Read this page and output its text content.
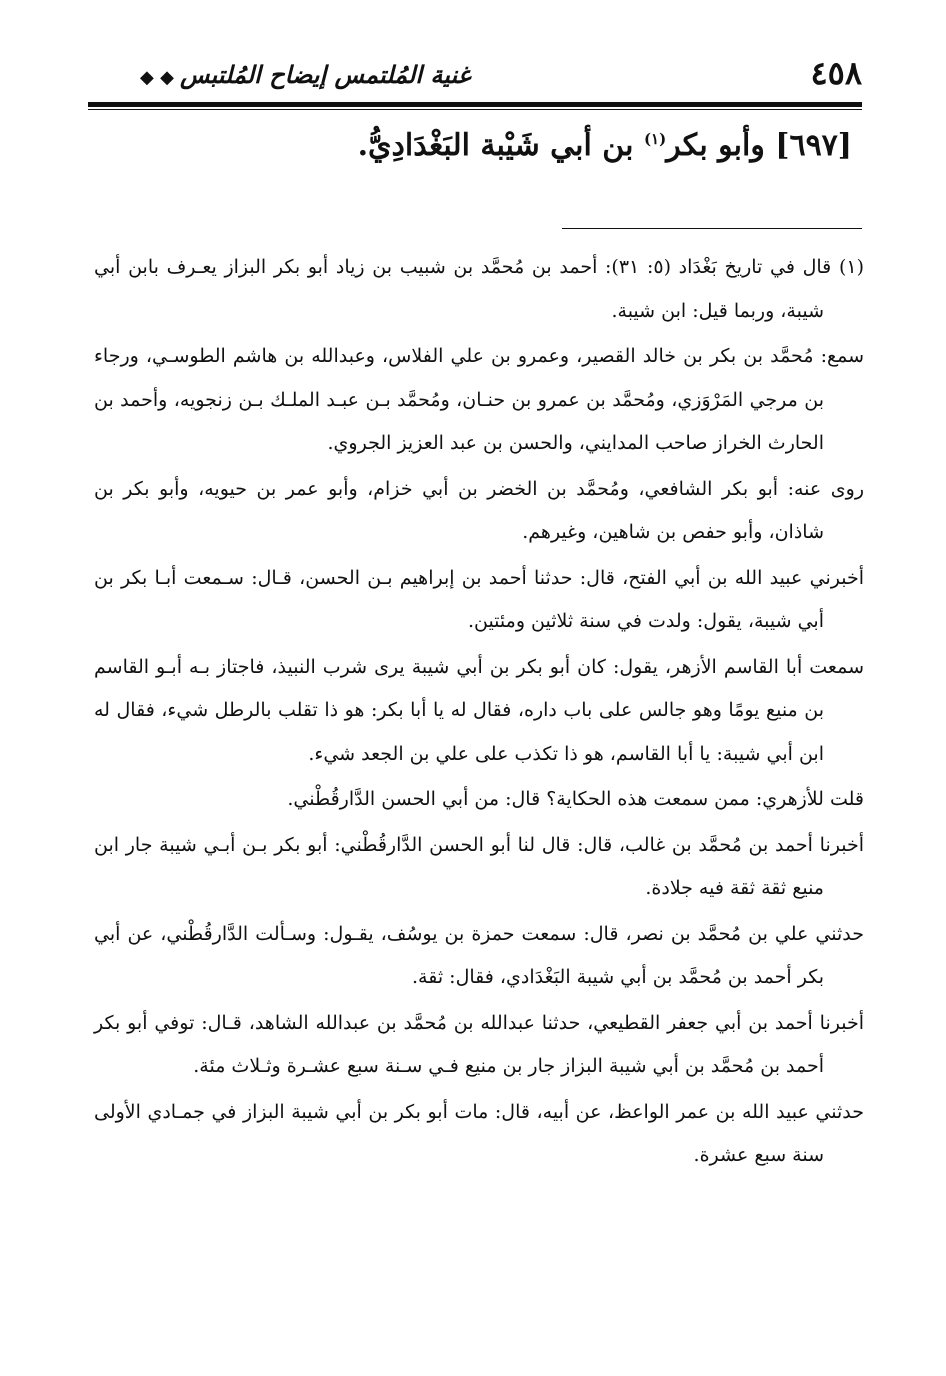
٤٥٨
غنية المُلتمس إيضاح المُلتبس◆ ◆
[٦٩٧] وأبو بكر$^{(١)}$ بن أبي شَيْبة البَغْدَادِيُّ.

(١) قال في تاريخ بَغْدَاد (٥: ٣١): أحمد بن مُحمَّد بن شبيب بن زياد أبو بكر البزاز يعـرف بابن أبي شيبة، وربما قيل: ابن شيبة.

سمع: مُحمَّد بن بكر بن خالد القصير، وعمرو بن علي الفلاس، وعبدالله بن هاشم الطوسـي، ورجاء بن مرجي المَرْوَزي، ومُحمَّد بن عمرو بن حنـان، ومُحمَّد بـن عبـد الملـك بـن زنجويه، وأحمد بن الحارث الخراز صاحب المدايني، والحسن بن عبد العزيز الجروي.

روى عنه: أبو بكر الشافعي، ومُحمَّد بن الخضر بن أبي خزام، وأبو عمر بن حيويه، وأبو بكر بن شاذان، وأبو حفص بن شاهين، وغيرهم.

أخبرني عبيد الله بن أبي الفتح، قال: حدثنا أحمد بن إبراهيم بـن الحسن، قـال: سـمعت أبـا بكر بن أبي شيبة، يقول: ولدت في سنة ثلاثين ومئتين.

سمعت أبا القاسم الأزهر، يقول: كان أبو بكر بن أبي شيبة يرى شرب النبيذ، فاجتاز بـه أبـو القاسم بن منيع يومًا وهو جالس على باب داره، فقال له يا أبا بكر: هو ذا تقلب بالرطل شيء، فقال له ابن أبي شيبة: يا أبا القاسم، هو ذا تكذب على علي بن الجعد شيء.

قلت للأزهري: ممن سمعت هذه الحكاية؟ قال: من أبي الحسن الدَّارقُطْني.

أخبرنا أحمد بن مُحمَّد بن غالب، قال: قال لنا أبو الحسن الدَّارقُطْني: أبو بكر بـن أبـي شيبة جار ابن منيع ثقة ثقة فيه جلادة.

حدثني علي بن مُحمَّد بن نصر، قال: سمعت حمزة بن يوسُف، يقـول: وسـألت الدَّارقُطْني، عن أبي بكر أحمد بن مُحمَّد بن أبي شيبة البَغْدَادي، فقال: ثقة.

أخبرنا أحمد بن أبي جعفر القطيعي، حدثنا عبدالله بن مُحمَّد بن عبدالله الشاهد، قـال: توفي أبو بكر أحمد بن مُحمَّد بن أبي شيبة البزاز جار بن منيع فـي سـنة سبع عشـرة وثـلاث مئة.

حدثني عبيد الله بن عمر الواعظ، عن أبيه، قال: مات أبو بكر بن أبي شيبة البزاز في جمـادي الأولى سنة سبع عشرة.
